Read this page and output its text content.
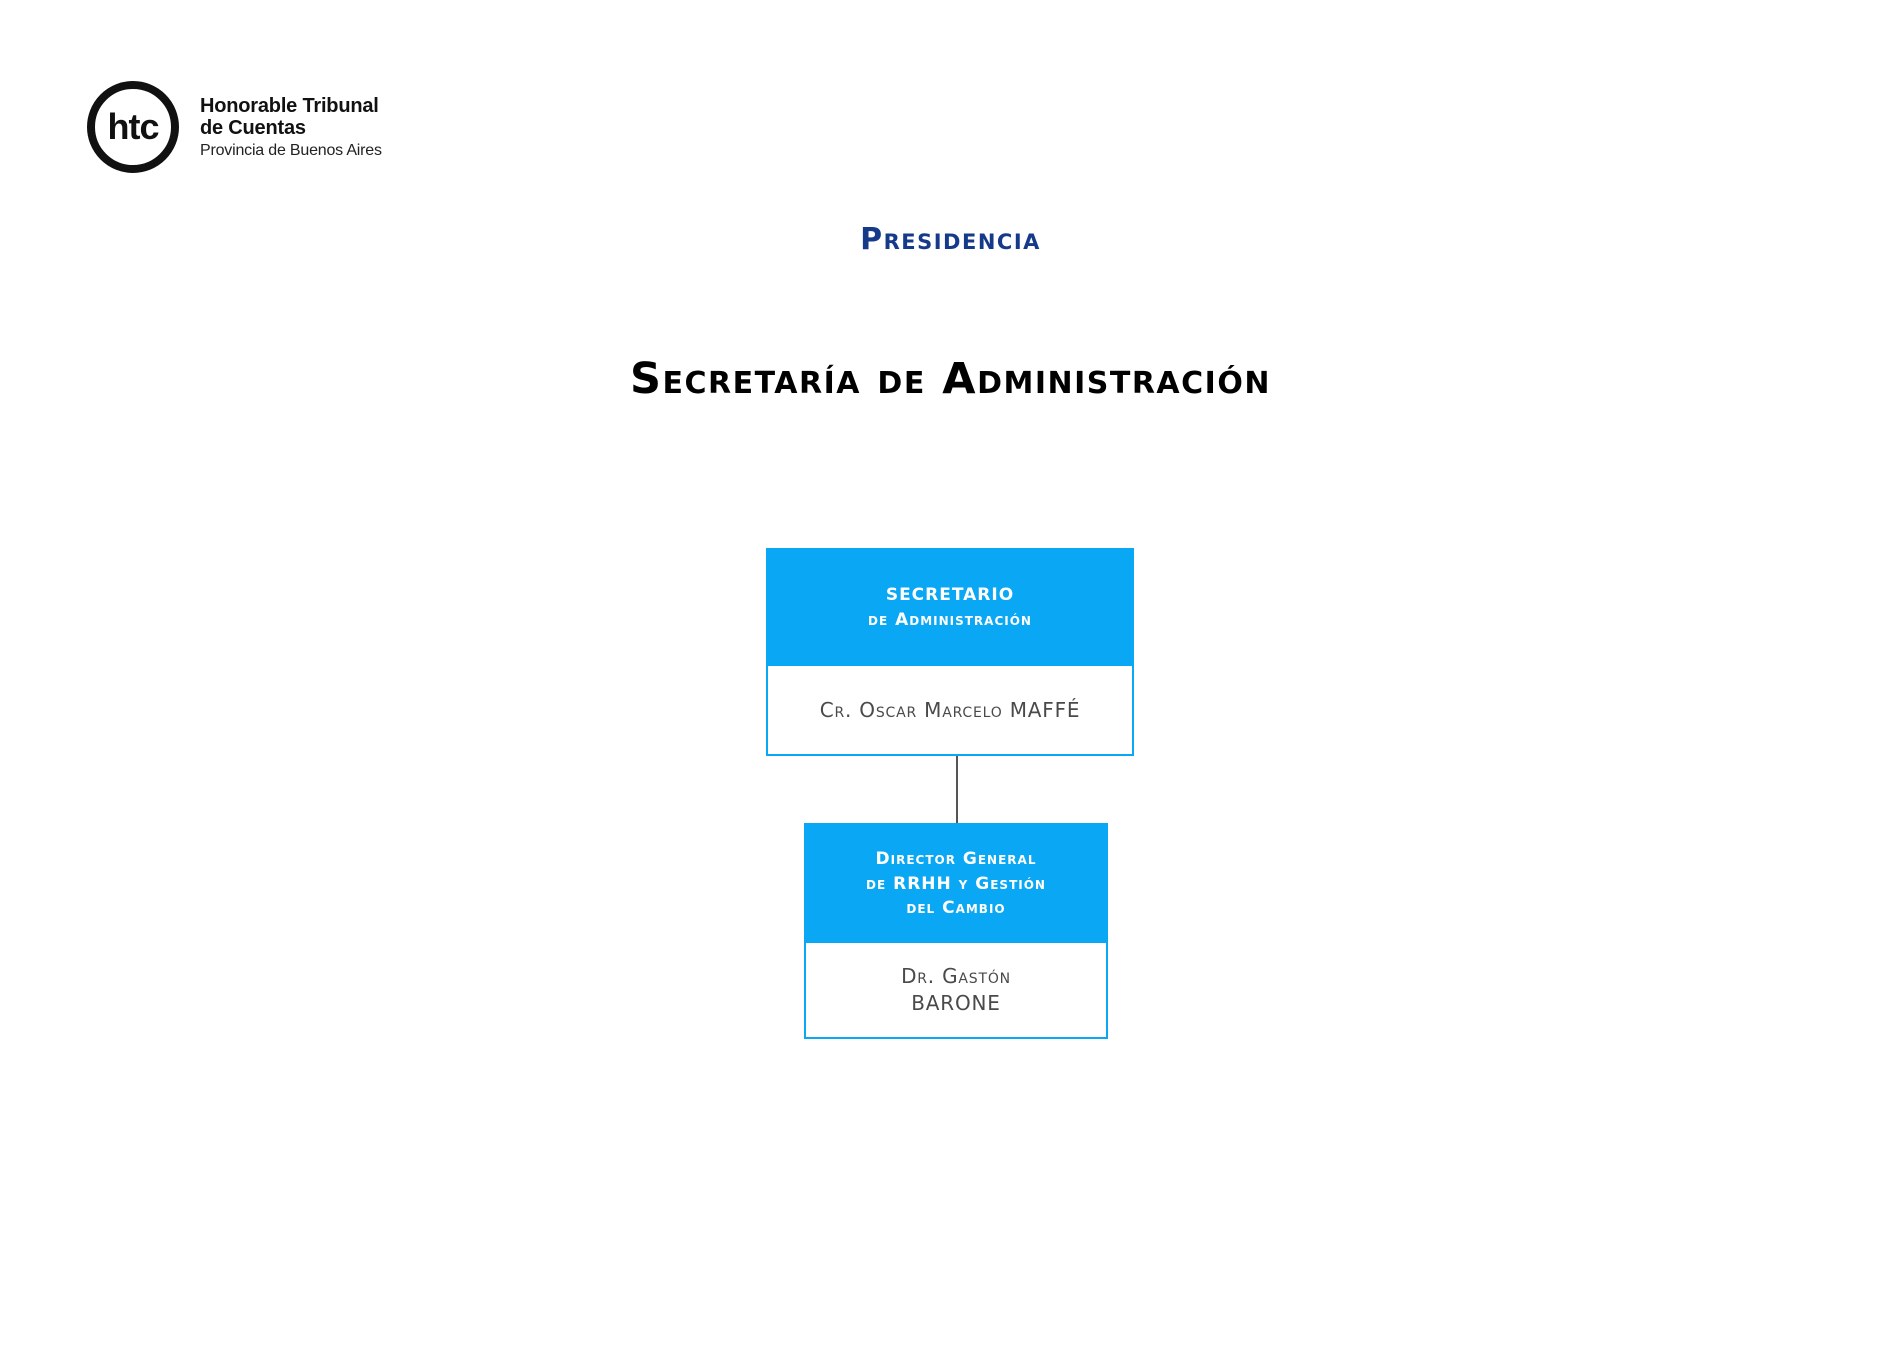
htc
Honorable Tribunal
de Cuentas
Provincia de Buenos Aires
Presidencia
Secretaría de Administración
SECRETARIO
de Administración
Cr. Oscar Marcelo MAFFÉ
Director General
de RRHH y Gestión
del Cambio
Dr. Gastón
BARONE
